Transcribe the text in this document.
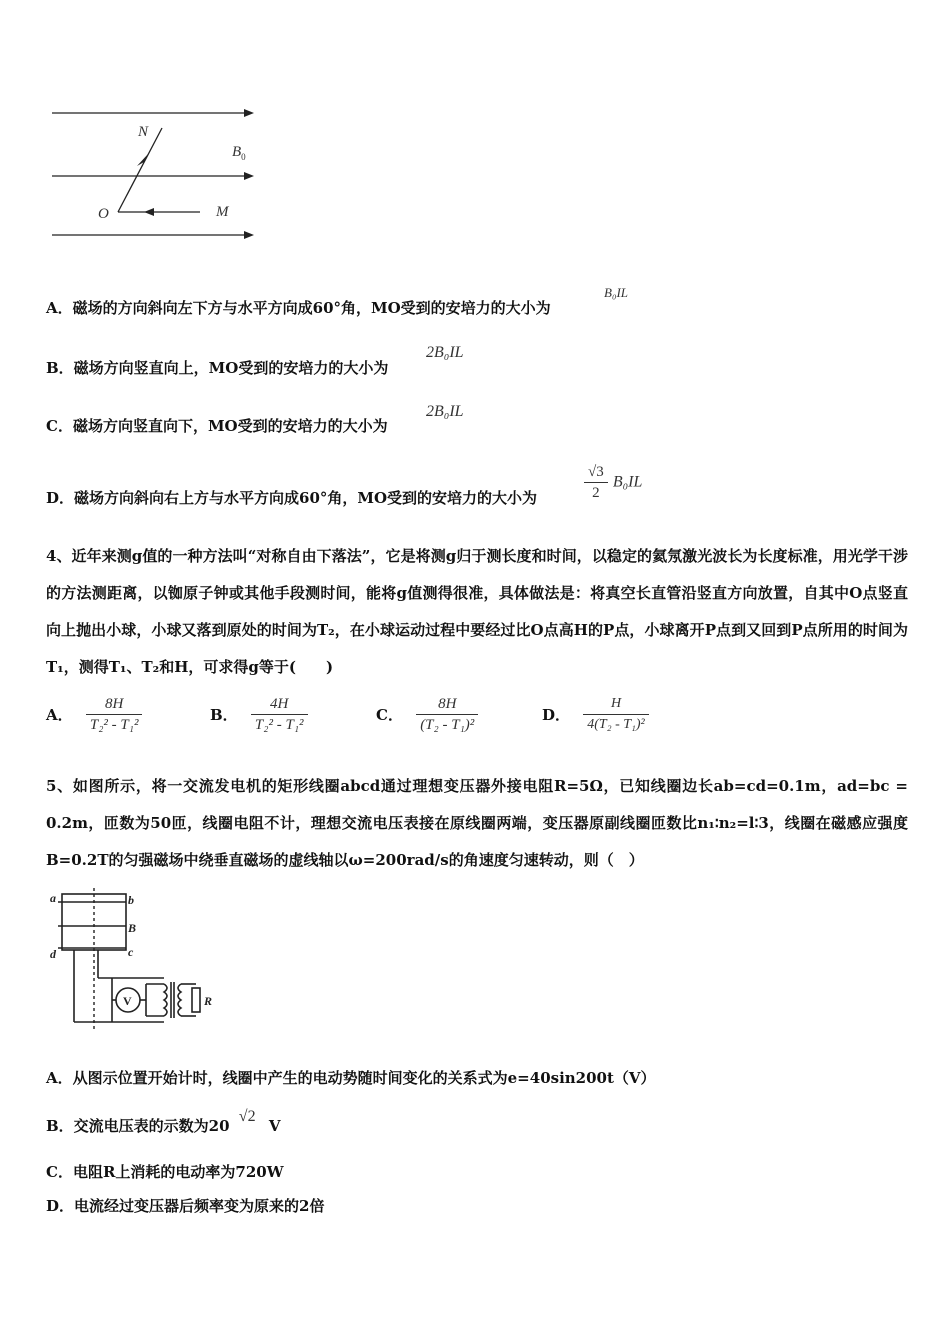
N
$B_0$
O	M
A．磁场的方向斜向左下方与水平方向成60°角，MO受到的安培力的大小为
B₀IL
B．磁场方向竖直向上，MO受到的安培力的大小为
2B₀IL
C．磁场方向竖直向下，MO受到的安培力的大小为
2B₀IL
D．磁场方向斜向右上方与水平方向成60°角，MO受到的安培力的大小为	$\frac{√3}{2} B_0IL$
4、近年来测g值的一种方法叫“对称自由下落法”，它是将测g归于测长度和时间，以稳定的氦氖激光波长为长度标准，用光学干涉的方法测距离，以铷原子钟或其他手段测时间，能将g值测得很准，具体做法是：将真空长直管沿竖直方向放置，自其中O点竖直向上抛出小球，小球又落到原处的时间为T₂，在小球运动过程中要经过比O点高H的P点，小球离开P点到又回到P点所用的时间为T₁，测得T₁、T₂和H，可求得g等于(　　)
A． $\frac{8H}{\text{T₂² - T₁²}}$	B． $\frac{4H}{\text{T₂² - T₁²}}$	C． $\frac{8H}{\text{(T₂ - T₁)²}}$	D． $\frac{H}{\text{4(T₂ - T₁)²}}$
5、如图所示，将一交流发电机的矩形线圈abcd通过理想变压器外接电阻R=5Ω，已知线圈边长ab=cd=0.1m，ad=bc = 0.2m，匝数为50匝，线圈电阻不计，理想交流电压表接在原线圈两端，变压器原副线圈匝数比n₁∶n₂=l∶3，线圈在磁感应强度B=0.2T的匀强磁场中绕垂直磁场的虚线轴以ω=200rad/s的角速度匀速转动，则（　）
a	b
B
d	c
V	R
A．从图示位置开始计时，线圈中产生的电动势随时间变化的关系式为e=40sin200t（V）
B．交流电压表的示数为20 √2 V
C．电阻R上消耗的电动率为720W
D．电流经过变压器后频率变为原来的2倍
